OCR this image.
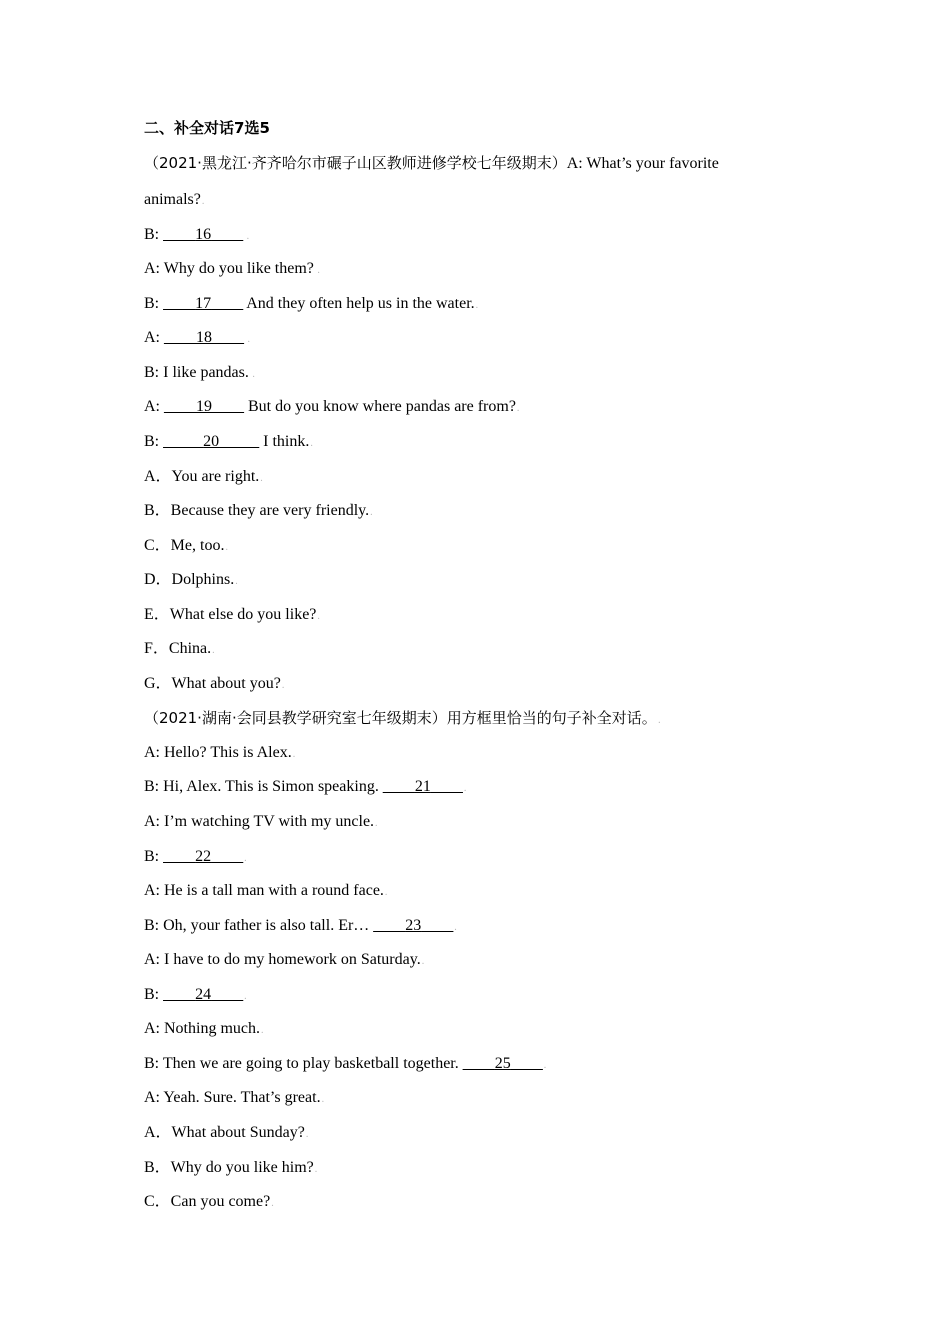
二、补全对话7选5
（2021·黑龙江·齐齐哈尔市碾子山区教师进修学校七年级期末）A: What’s your favorite
animals?.
B: ____16____ .
A: Why do you like them? .
B: ____17____ And they often help us in the water..
A: ____18____ .
B: I like pandas. .
A: ____19____ But do you know where pandas are from?.
B: _____20_____ I think..
A．You are right..
B．Because they are very friendly..
C．Me, too..
D．Dolphins..
E．What else do you like?.
F．China..
G．What about you?.
（2021·湖南·会同县教学研究室七年级期末）用方框里恰当的句子补全对话。.
A: Hello? This is Alex..
B: Hi, Alex. This is Simon speaking. ____21____.
A: I’m watching TV with my uncle..
B: ____22____.
A: He is a tall man with a round face..
B: Oh, your father is also tall. Er… ____23____.
A: I have to do my homework on Saturday..
B: ____24____.
A: Nothing much..
B: Then we are going to play basketball together. ____25____.
A: Yeah. Sure. That’s great..
A．What about Sunday?.
B．Why do you like him?.
C．Can you come?.
